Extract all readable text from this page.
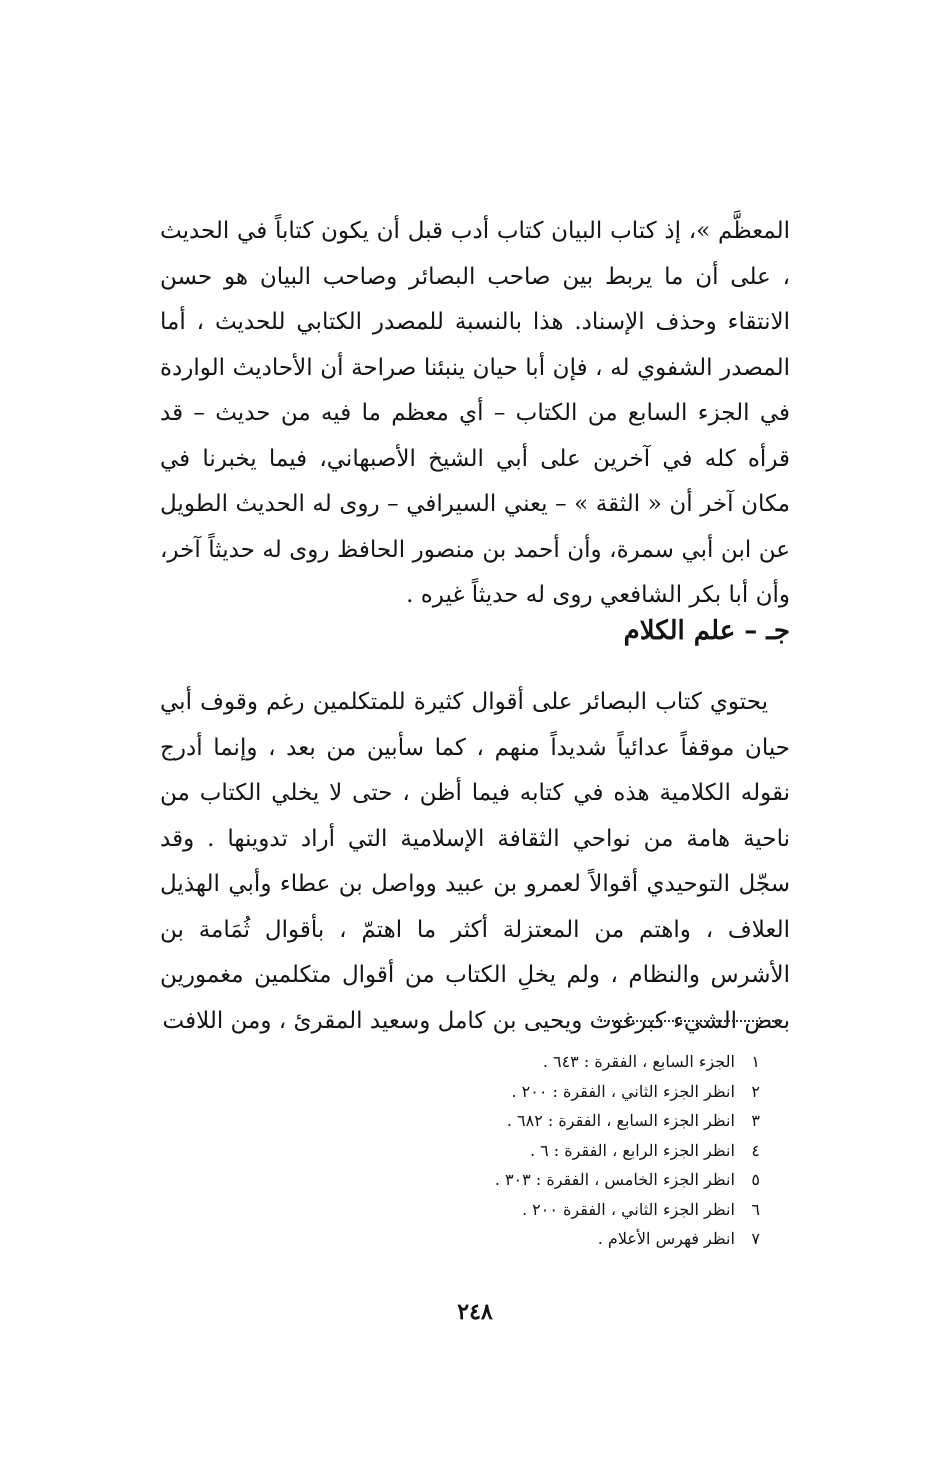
المعظَّم »، إذ كتاب البيان كتاب أدب قبل أن يكون كتاباً في الحديث ، على أن ما يربط بين صاحب البصائر وصاحب البيان هو حسن الانتقاء وحذف الإسناد. هذا بالنسبة للمصدر الكتابي للحديث ، أما المصدر الشفوي له ، فإن أبا حيان ينبئنا صراحة أن الأحاديث الواردة في الجزء السابع من الكتاب – أي معظم ما فيه من حديث – قد قرأه كله في آخرين على أبي الشيخ الأصبهاني، فيما يخبرنا في مكان آخر أن « الثقة » – يعني السيرافي – روى له الحديث الطويل عن ابن أبي سمرة، وأن أحمد بن منصور الحافظ روى له حديثاً آخر، وأن أبا بكر الشافعي روى له حديثاً غيره .

جـ – علم الكلام

يحتوي كتاب البصائر على أقوال كثيرة للمتكلمين رغم وقوف أبي حيان موقفاً عدائياً شديداً منهم ، كما سأبين من بعد ، وإنما أدرج نقوله الكلامية هذه في كتابه فيما أظن ، حتى لا يخلي الكتاب من ناحية هامة من نواحي الثقافة الإسلامية التي أراد تدوينها . وقد سجّل التوحيدي أقوالاً لعمرو بن عبيد وواصل بن عطاء وأبي الهذيل العلاف ، واهتم من المعتزلة أكثر ما اهتمّ ، بأقوال ثُمَامة بن الأشرس والنظام ، ولم يخلِ الكتاب من أقوال متكلمين مغمورين بعض الشيء كبرغوث ويحيى بن كامل وسعيد المقرئ ، ومن اللافت

١ الجزء السابع ، الفقرة : ٦٤٣ .
٢ انظر الجزء الثاني ، الفقرة : ٢٠٠ .
٣ انظر الجزء السابع ، الفقرة : ٦٨٢ .
٤ انظر الجزء الرابع ، الفقرة : ٦ .
٥ انظر الجزء الخامس ، الفقرة : ٣٠٣ .
٦ انظر الجزء الثاني ، الفقرة ٢٠٠ .
٧ انظر فهرس الأعلام .
٢٤٨
